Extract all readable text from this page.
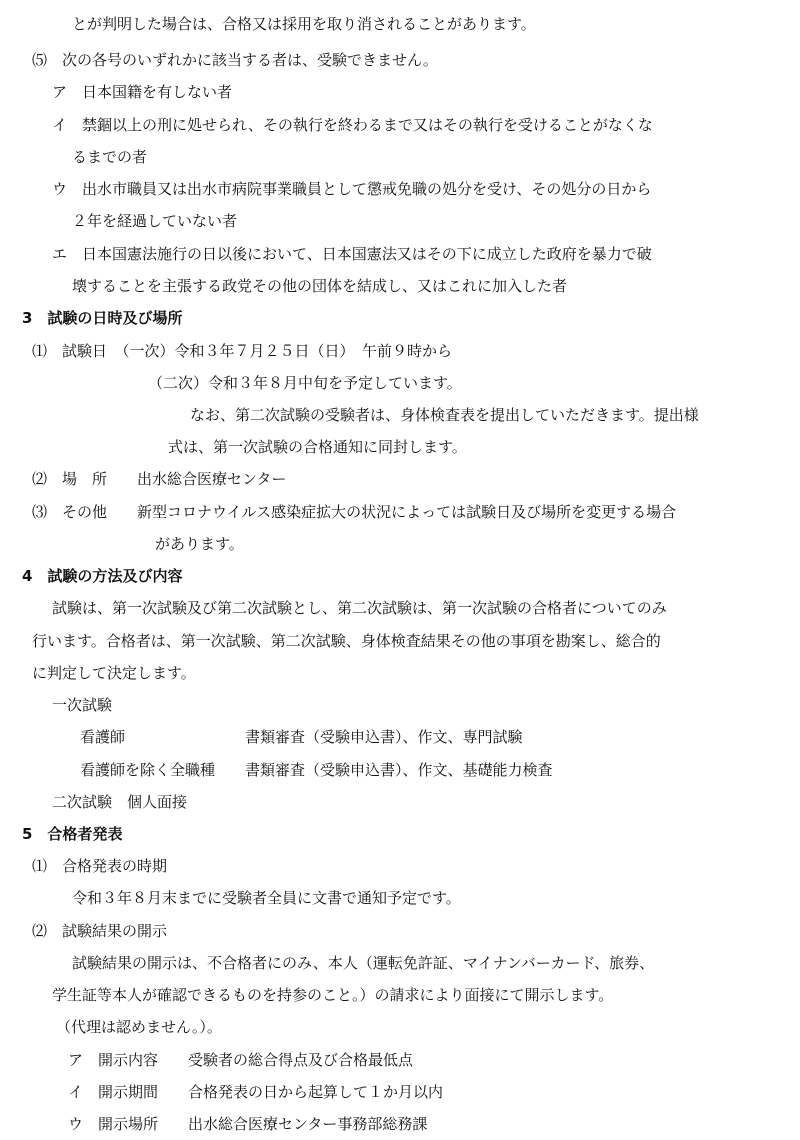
とが判明した場合は、合格又は採用を取り消されることがあります。
⑸　次の各号のいずれかに該当する者は、受験できません。
ア　日本国籍を有しない者
イ　禁錮以上の刑に処せられ、その執行を終わるまで又はその執行を受けることがなくな
るまでの者
ウ　出水市職員又は出水市病院事業職員として懲戒免職の処分を受け、その処分の日から
２年を経過していない者
エ　日本国憲法施行の日以後において、日本国憲法又はその下に成立した政府を暴力で破
壊することを主張する政党その他の団体を結成し、又はこれに加入した者
3　試験の日時及び場所
⑴　試験日　（一次）令和３年７月２５日（日）　午前９時から
（二次）令和３年８月中旬を予定しています。
なお、第二次試験の受験者は、身体検査表を提出していただきます。提出様
式は、第一次試験の合格通知に同封します。
⑵　場　所　　出水総合医療センター
⑶　その他　　新型コロナウイルス感染症拡大の状況によっては試験日及び場所を変更する場合
があります。
4　試験の方法及び内容
試験は、第一次試験及び第二次試験とし、第二次試験は、第一次試験の合格者についてのみ
行います。合格者は、第一次試験、第二次試験、身体検査結果その他の事項を勘案し、総合的
に判定して決定します。
一次試験
看護師　　　　　　　　書類審査（受験申込書）、作文、専門試験
看護師を除く全職種　　書類審査（受験申込書）、作文、基礎能力検査
二次試験　個人面接
5　合格者発表
⑴　合格発表の時期
令和３年８月末までに受験者全員に文書で通知予定です。
⑵　試験結果の開示
試験結果の開示は、不合格者にのみ、本人（運転免許証、マイナンバーカード、旅券、
学生証等本人が確認できるものを持参のこと。）の請求により面接にて開示します。
（代理は認めません。）。
ア　開示内容　　受験者の総合得点及び合格最低点
イ　開示期間　　合格発表の日から起算して１か月以内
ウ　開示場所　　出水総合医療センター事務部総務課
